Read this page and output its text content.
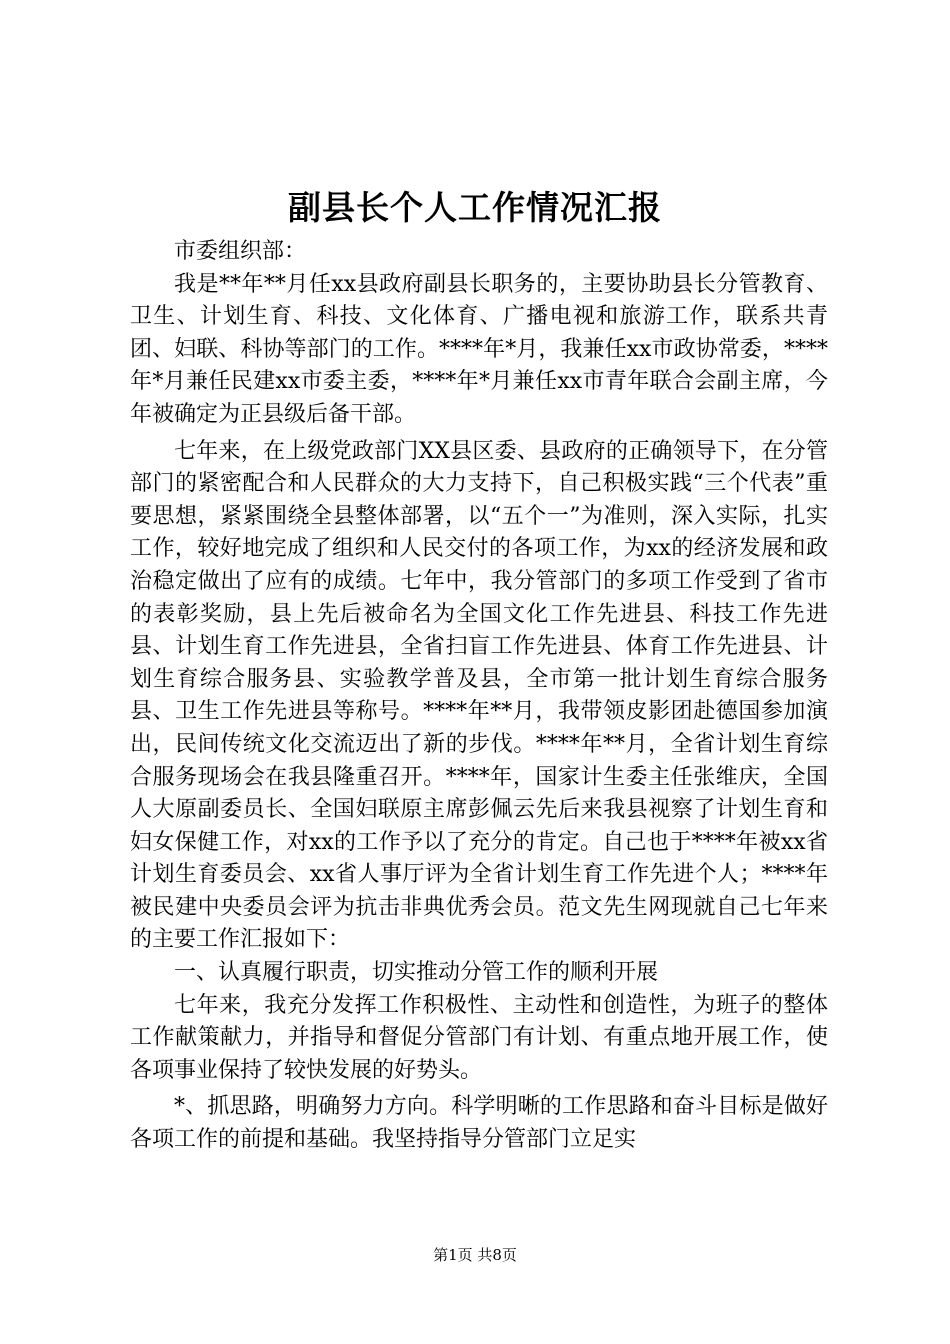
副县长个人工作情况汇报

市委组织部：

我是**年**月任xx县政府副县长职务的，主要协助县长分管教育、卫生、计划生育、科技、文化体育、广播电视和旅游工作，联系共青团、妇联、科协等部门的工作。****年*月，我兼任xx市政协常委，****年*月兼任民建xx市委主委，****年*月兼任xx市青年联合会副主席，今年被确定为正县级后备干部。

七年来，在上级党政部门XX县区委、县政府的正确领导下，在分管部门的紧密配合和人民群众的大力支持下，自己积极实践“三个代表”重要思想，紧紧围绕全县整体部署，以“五个一”为准则，深入实际，扎实工作，较好地完成了组织和人民交付的各项工作，为xx的经济发展和政治稳定做出了应有的成绩。七年中，我分管部门的多项工作受到了省市的表彰奖励，县上先后被命名为全国文化工作先进县、科技工作先进县、计划生育工作先进县，全省扫盲工作先进县、体育工作先进县、计划生育综合服务县、实验教学普及县，全市第一批计划生育综合服务县、卫生工作先进县等称号。****年**月，我带领皮影团赴德国参加演出，民间传统文化交流迈出了新的步伐。****年**月，全省计划生育综合服务现场会在我县隆重召开。****年，国家计生委主任张维庆，全国人大原副委员长、全国妇联原主席彭佩云先后来我县视察了计划生育和妇女保健工作，对xx的工作予以了充分的肯定。自己也于****年被xx省计划生育委员会、xx省人事厅评为全省计划生育工作先进个人；****年被民建中央委员会评为抗击非典优秀会员。范文先生网现就自己七年来的主要工作汇报如下：

一、认真履行职责，切实推动分管工作的顺利开展

七年来，我充分发挥工作积极性、主动性和创造性，为班子的整体工作献策献力，并指导和督促分管部门有计划、有重点地开展工作，使各项事业保持了较快发展的好势头。

*、抓思路，明确努力方向。科学明晰的工作思路和奋斗目标是做好各项工作的前提和基础。我坚持指导分管部门立足实

第1页 共8页
